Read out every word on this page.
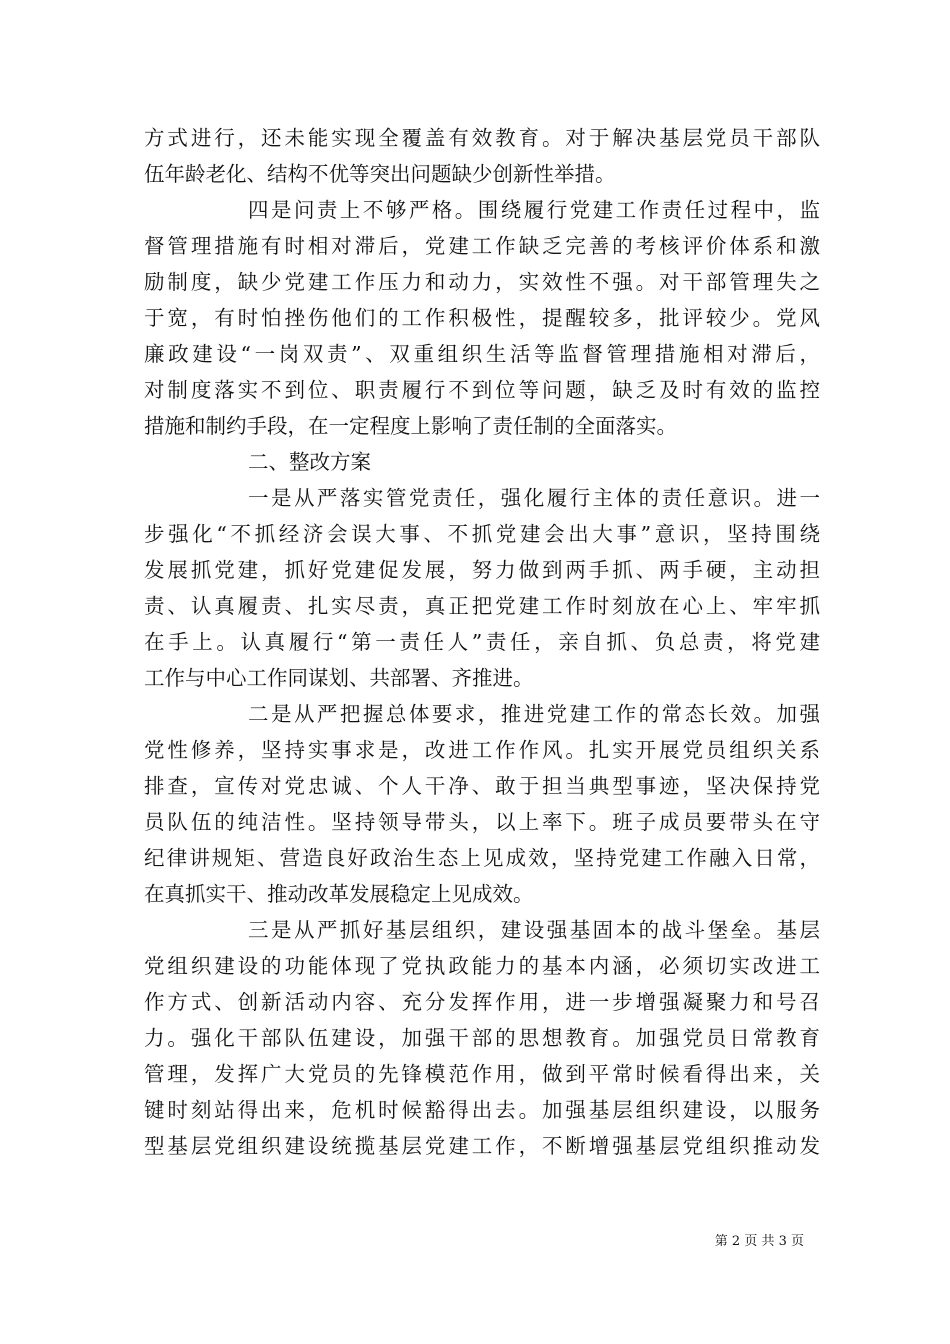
方式进行，还未能实现全覆盖有效教育。对于解决基层党员干部队
伍年龄老化、结构不优等突出问题缺少创新性举措。
四是问责上不够严格。围绕履行党建工作责任过程中，监
督管理措施有时相对滞后，党建工作缺乏完善的考核评价体系和激
励制度，缺少党建工作压力和动力，实效性不强。对干部管理失之
于宽，有时怕挫伤他们的工作积极性，提醒较多，批评较少。党风
廉政建设“一岗双责”、双重组织生活等监督管理措施相对滞后，
对制度落实不到位、职责履行不到位等问题，缺乏及时有效的监控
措施和制约手段，在一定程度上影响了责任制的全面落实。
二、整改方案
一是从严落实管党责任，强化履行主体的责任意识。进一
步强化“不抓经济会误大事、不抓党建会出大事”意识，坚持围绕
发展抓党建，抓好党建促发展，努力做到两手抓、两手硬，主动担
责、认真履责、扎实尽责，真正把党建工作时刻放在心上、牢牢抓
在手上。认真履行“第一责任人”责任，亲自抓、负总责，将党建
工作与中心工作同谋划、共部署、齐推进。
二是从严把握总体要求，推进党建工作的常态长效。加强
党性修养，坚持实事求是，改进工作作风。扎实开展党员组织关系
排查，宣传对党忠诚、个人干净、敢于担当典型事迹，坚决保持党
员队伍的纯洁性。坚持领导带头，以上率下。班子成员要带头在守
纪律讲规矩、营造良好政治生态上见成效，坚持党建工作融入日常，
在真抓实干、推动改革发展稳定上见成效。
三是从严抓好基层组织，建设强基固本的战斗堡垒。基层
党组织建设的功能体现了党执政能力的基本内涵，必须切实改进工
作方式、创新活动内容、充分发挥作用，进一步增强凝聚力和号召
力。强化干部队伍建设，加强干部的思想教育。加强党员日常教育
管理，发挥广大党员的先锋模范作用，做到平常时候看得出来，关
键时刻站得出来，危机时候豁得出去。加强基层组织建设，以服务
型基层党组织建设统揽基层党建工作，不断增强基层党组织推动发
第 2 页 共 3 页
